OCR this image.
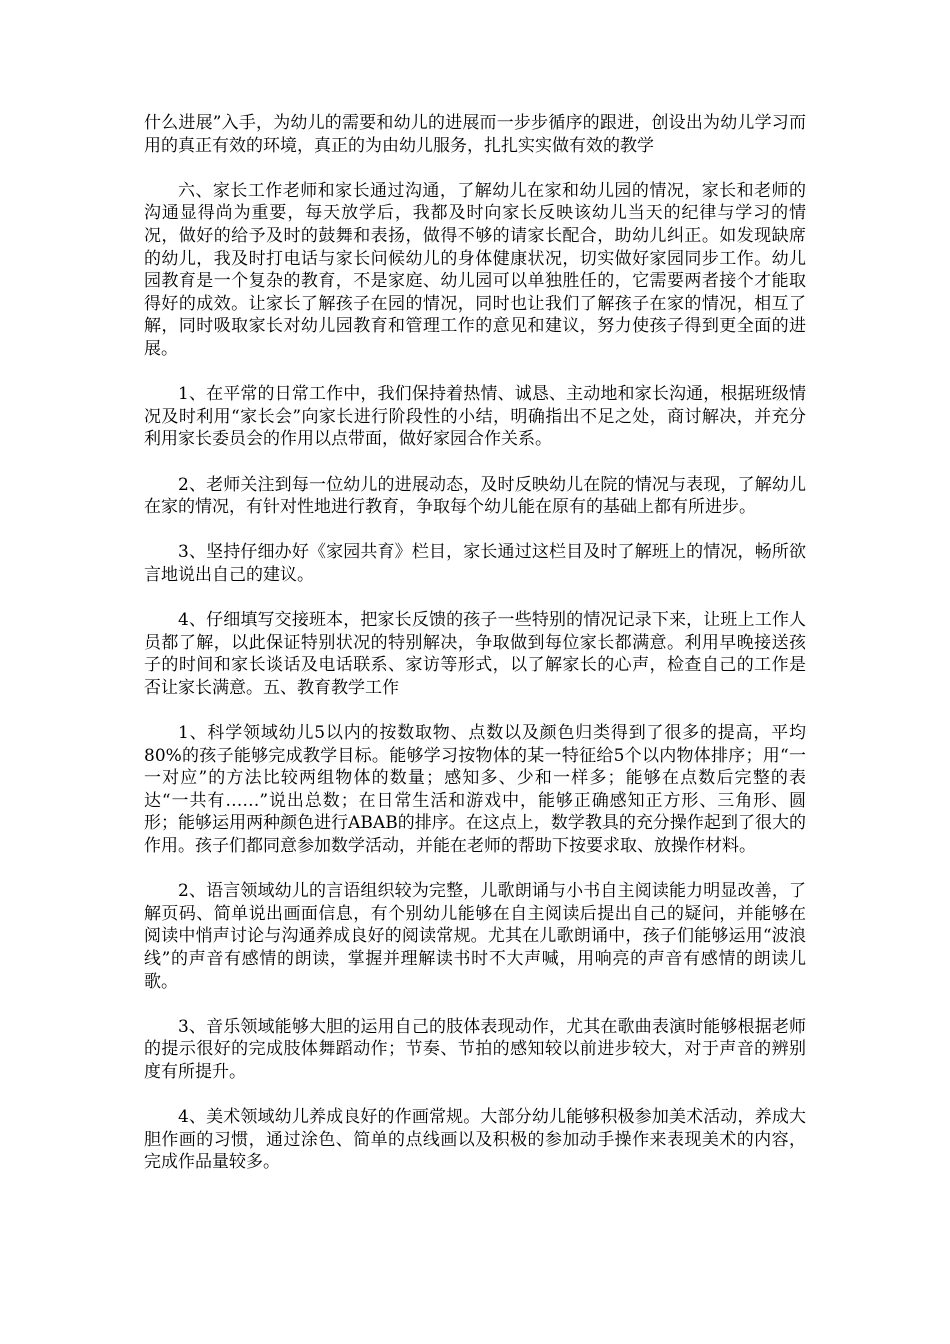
什么进展”入手，为幼儿的需要和幼儿的进展而一步步循序的跟进，创设出为幼儿学习而用的真正有效的环境，真正的为由幼儿服务，扎扎实实做有效的教学

六、家长工作老师和家长通过沟通，了解幼儿在家和幼儿园的情况，家长和老师的沟通显得尚为重要，每天放学后，我都及时向家长反映该幼儿当天的纪律与学习的情况，做好的给予及时的鼓舞和表扬，做得不够的请家长配合，助幼儿纠正。如发现缺席的幼儿，我及时打电话与家长问候幼儿的身体健康状况，切实做好家园同步工作。幼儿园教育是一个复杂的教育，不是家庭、幼儿园可以单独胜任的，它需要两者接个才能取得好的成效。让家长了解孩子在园的情况，同时也让我们了解孩子在家的情况，相互了解，同时吸取家长对幼儿园教育和管理工作的意见和建议，努力使孩子得到更全面的进展。

1、在平常的日常工作中，我们保持着热情、诚恳、主动地和家长沟通，根据班级情况及时利用“家长会”向家长进行阶段性的小结，明确指出不足之处，商讨解决，并充分利用家长委员会的作用以点带面，做好家园合作关系。

2、老师关注到每一位幼儿的进展动态，及时反映幼儿在院的情况与表现，了解幼儿在家的情况，有针对性地进行教育，争取每个幼儿能在原有的基础上都有所进步。

3、坚持仔细办好《家园共育》栏目，家长通过这栏目及时了解班上的情况，畅所欲言地说出自己的建议。

4、仔细填写交接班本，把家长反馈的孩子一些特别的情况记录下来，让班上工作人员都了解，以此保证特别状况的特别解决，争取做到每位家长都满意。利用早晚接送孩子的时间和家长谈话及电话联系、家访等形式，以了解家长的心声，检查自己的工作是否让家长满意。五、教育教学工作

1、科学领域幼儿5以内的按数取物、点数以及颜色归类得到了很多的提高，平均80%的孩子能够完成教学目标。能够学习按物体的某一特征给5个以内物体排序；用“一一对应”的方法比较两组物体的数量；感知多、少和一样多；能够在点数后完整的表达“一共有……”说出总数；在日常生活和游戏中，能够正确感知正方形、三角形、圆形；能够运用两种颜色进行ABAB的排序。在这点上，数学教具的充分操作起到了很大的作用。孩子们都同意参加数学活动，并能在老师的帮助下按要求取、放操作材料。

2、语言领域幼儿的言语组织较为完整，儿歌朗诵与小书自主阅读能力明显改善，了解页码、简单说出画面信息，有个别幼儿能够在自主阅读后提出自己的疑问，并能够在阅读中悄声讨论与沟通养成良好的阅读常规。尤其在儿歌朗诵中，孩子们能够运用“波浪线”的声音有感情的朗读，掌握并理解读书时不大声喊，用响亮的声音有感情的朗读儿歌。

3、音乐领域能够大胆的运用自己的肢体表现动作，尤其在歌曲表演时能够根据老师的提示很好的完成肢体舞蹈动作；节奏、节拍的感知较以前进步较大，对于声音的辨别度有所提升。

4、美术领域幼儿养成良好的作画常规。大部分幼儿能够积极参加美术活动，养成大胆作画的习惯，通过涂色、简单的点线画以及积极的参加动手操作来表现美术的内容，完成作品量较多。
